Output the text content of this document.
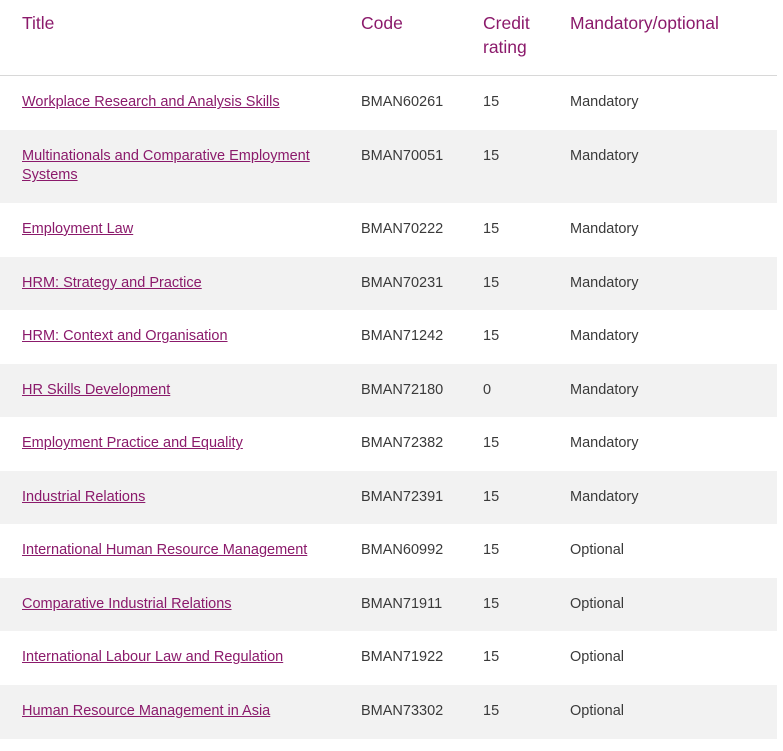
Title	Code	Credit rating	Mandatory/optional
Workplace Research and Analysis Skills	BMAN60261	15	Mandatory
Multinationals and Comparative Employment Systems	BMAN70051	15	Mandatory
Employment Law	BMAN70222	15	Mandatory
HRM: Strategy and Practice	BMAN70231	15	Mandatory
HRM: Context and Organisation	BMAN71242	15	Mandatory
HR Skills Development	BMAN72180	0	Mandatory
Employment Practice and Equality	BMAN72382	15	Mandatory
Industrial Relations	BMAN72391	15	Mandatory
International Human Resource Management	BMAN60992	15	Optional
Comparative Industrial Relations	BMAN71911	15	Optional
International Labour Law and Regulation	BMAN71922	15	Optional
Human Resource Management in Asia	BMAN73302	15	Optional
